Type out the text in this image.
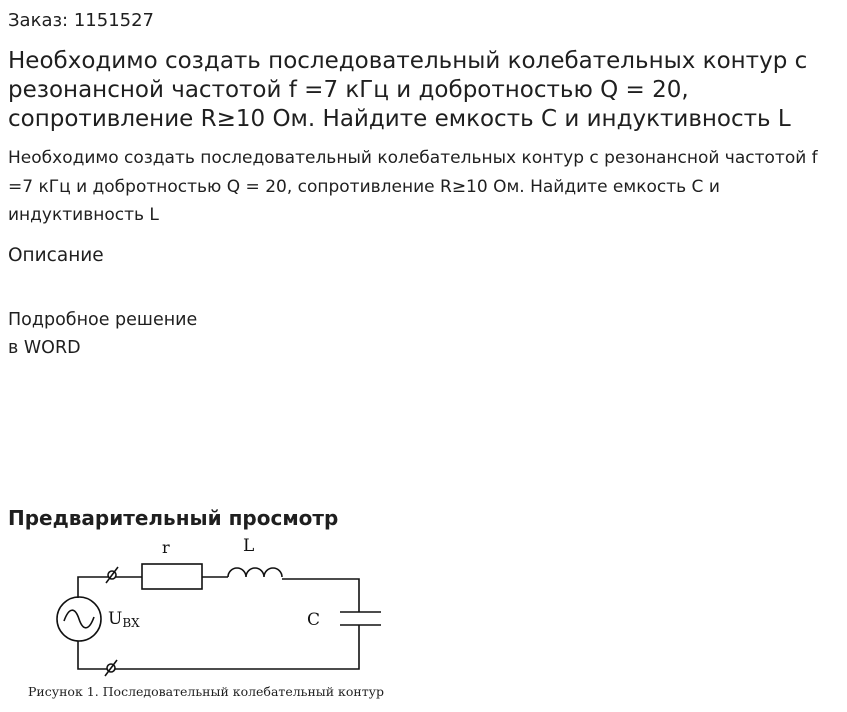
Заказ: 1151527
Необходимо создать последовательный колебательных контур с резонансной частотой f =7 кГц и добротностью Q = 20, сопротивление R≥10 Ом. Найдите емкость C и индуктивность L
Необходимо создать последовательный колебательных контур с резонансной частотой f =7 кГц и добротностью Q = 20, сопротивление R≥10 Ом. Найдите емкость C и индуктивность L
Описание
Подробное решение
в WORD
Предварительный просмотр
r	L
UВХ	C
Рисунок 1. Последовательный колебательный контур
